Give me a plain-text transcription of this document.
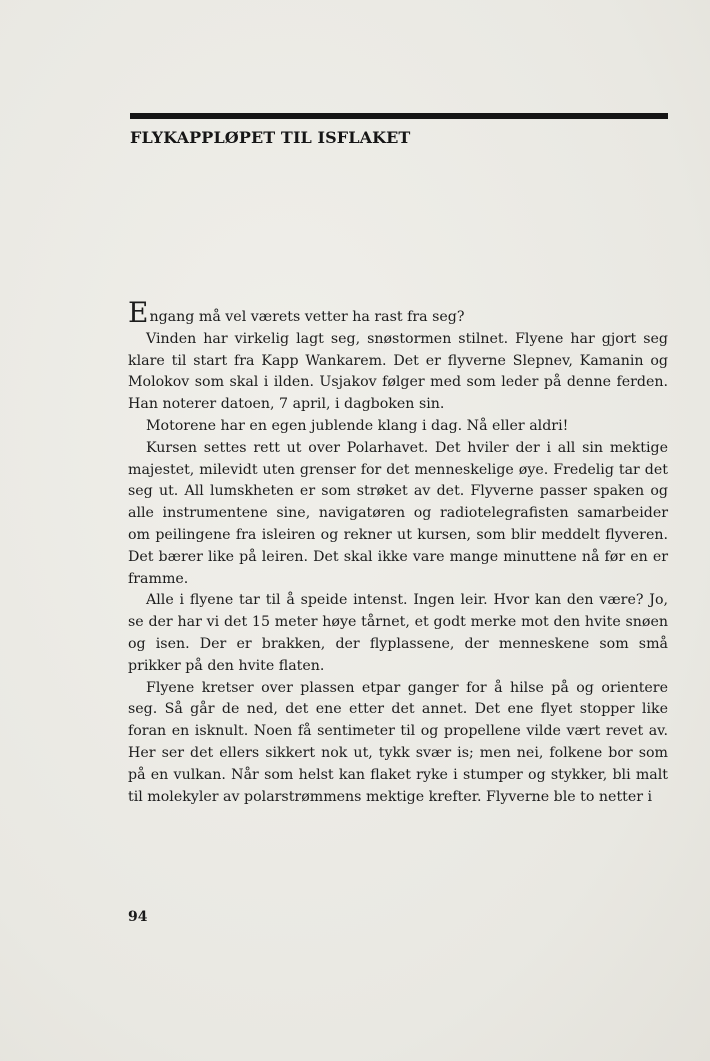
FLYKAPPLØPET TIL ISFLAKET

Engang må vel værets vetter ha rast fra seg?

Vinden har virkelig lagt seg, snøstormen stilnet. Flyene har gjort seg klare til start fra Kapp Wankarem. Det er flyverne Slepnev, Kamanin og Molokov som skal i ilden. Usjakov følger med som leder på denne ferden. Han noterer datoen, 7 april, i dagboken sin.

Motorene har en egen jublende klang i dag. Nå eller aldri!

Kursen settes rett ut over Polarhavet. Det hviler der i all sin mektige majestet, milevidt uten grenser for det menneskelige øye. Fredelig tar det seg ut. All lumskheten er som strøket av det. Flyverne passer spaken og alle instrumentene sine, navigatøren og radiotelegrafisten samarbeider om peilingene fra isleiren og rekner ut kursen, som blir meddelt flyveren. Det bærer like på leiren. Det skal ikke vare mange minuttene nå før en er framme.

Alle i flyene tar til å speide intenst. Ingen leir. Hvor kan den være? Jo, se der har vi det 15 meter høye tårnet, et godt merke mot den hvite snøen og isen. Der er brakken, der flyplassene, der menneskene som små prikker på den hvite flaten.

Flyene kretser over plassen etpar ganger for å hilse på og orientere seg. Så går de ned, det ene etter det annet. Det ene flyet stopper like foran en isknult. Noen få sentimeter til og propellene vilde vært revet av. Her ser det ellers sikkert nok ut, tykk svær is; men nei, folkene bor som på en vulkan. Når som helst kan flaket ryke i stumper og stykker, bli malt til molekyler av polarstrømmens mektige krefter. Flyverne ble to netter i

94
